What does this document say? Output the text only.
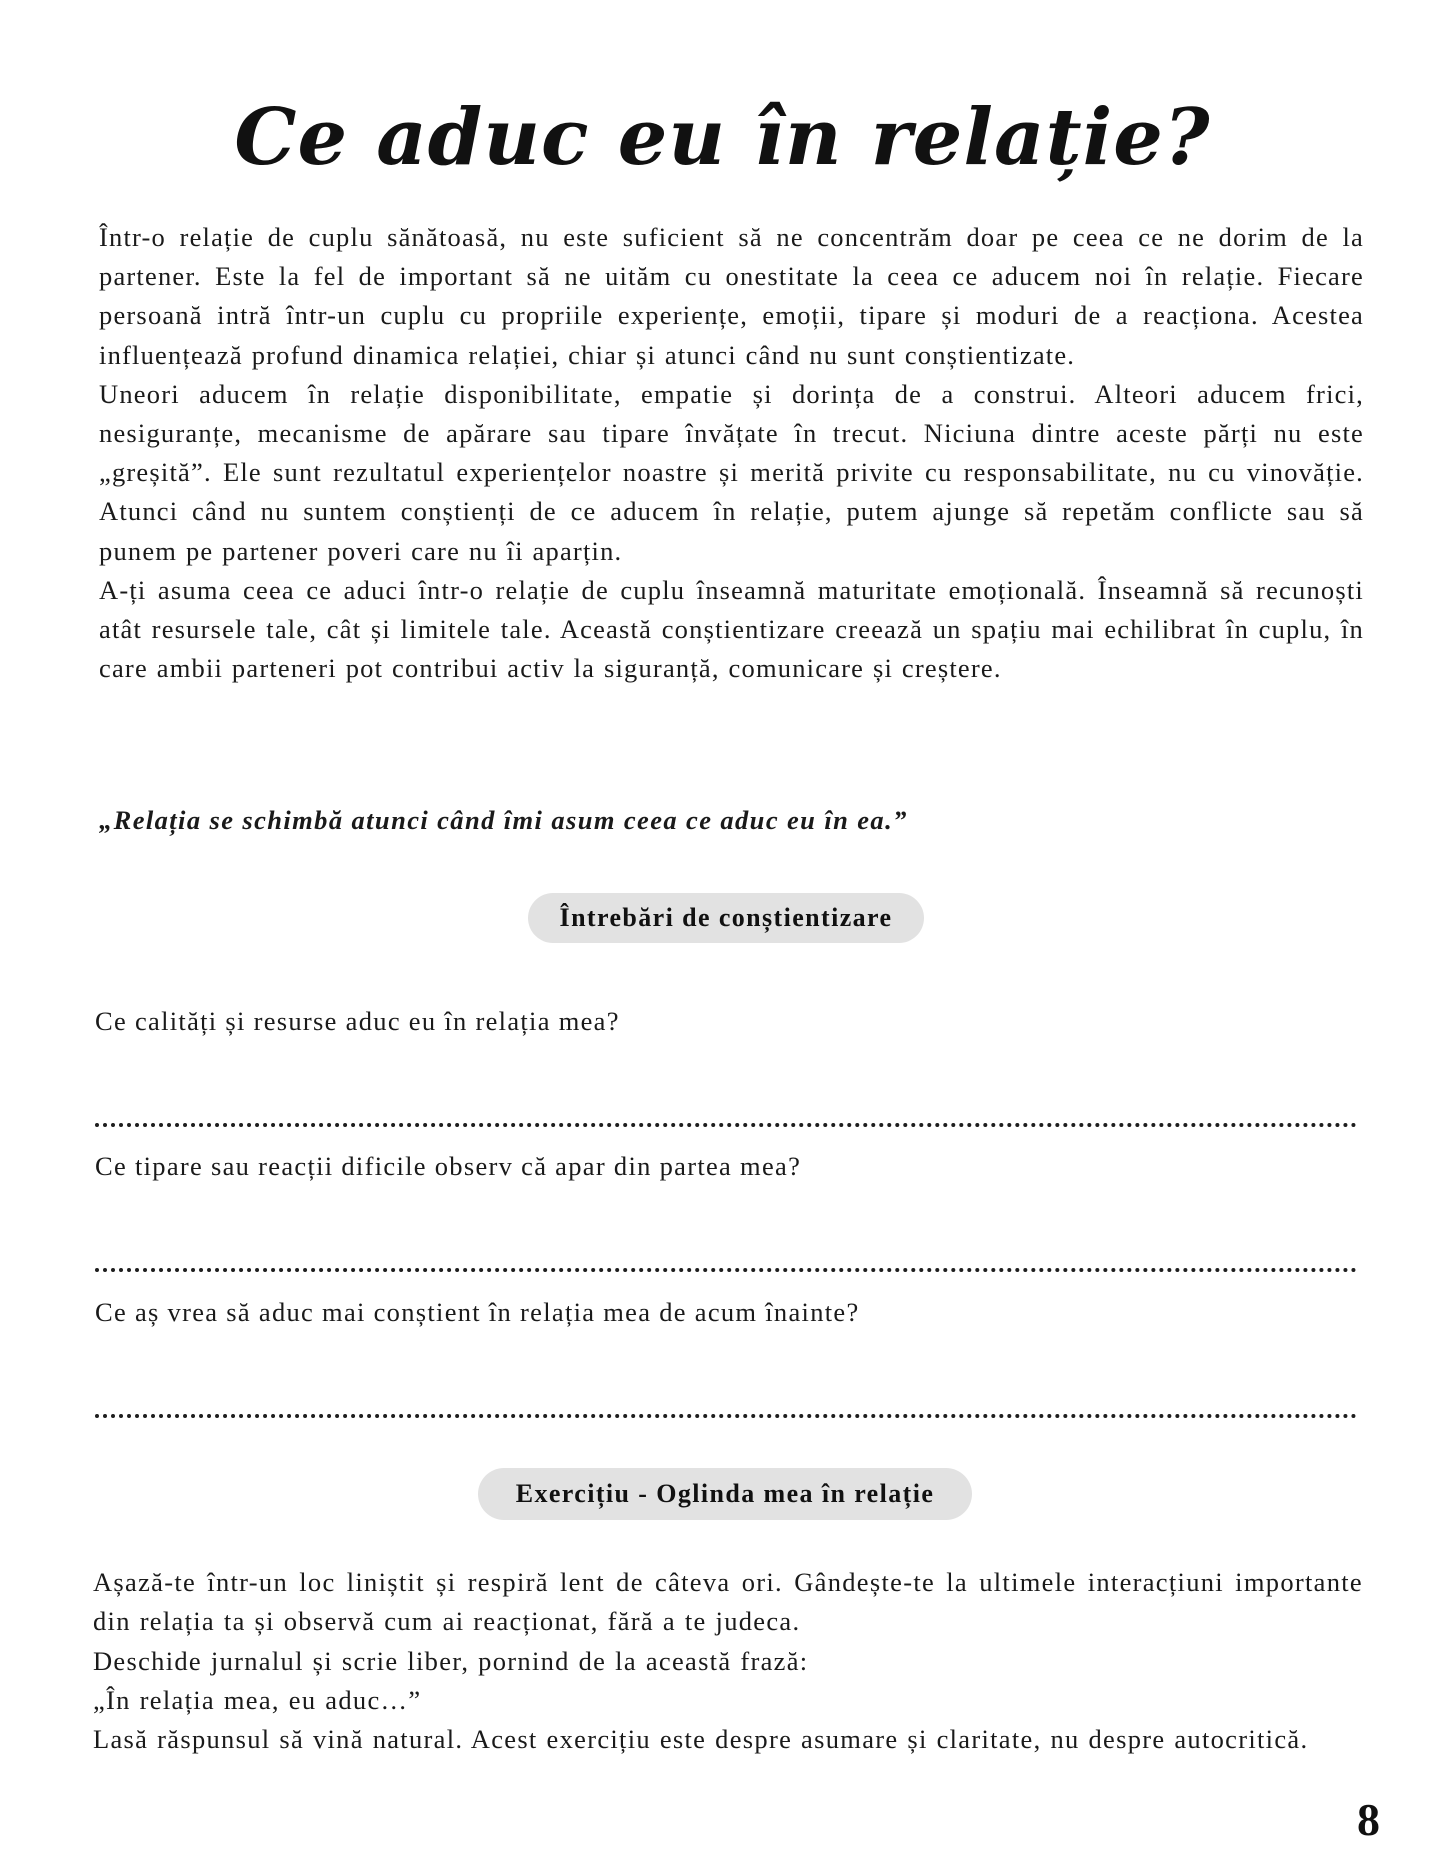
Ce aduc eu în relație?

Într-o relație de cuplu sănătoasă, nu este suficient să ne concentrăm doar pe ceea ce ne dorim de la partener. Este la fel de important să ne uităm cu onestitate la ceea ce aducem noi în relație. Fiecare persoană intră într-un cuplu cu propriile experiențe, emoții, tipare și moduri de a reacționa. Acestea influențează profund dinamica relației, chiar și atunci când nu sunt conștientizate.

Uneori aducem în relație disponibilitate, empatie și dorința de a construi. Alteori aducem frici, nesiguranțe, mecanisme de apărare sau tipare învățate în trecut. Niciuna dintre aceste părți nu este „greșită”. Ele sunt rezultatul experiențelor noastre și merită privite cu responsabilitate, nu cu vinovăție. Atunci când nu suntem conștienți de ce aducem în relație, putem ajunge să repetăm conflicte sau să punem pe partener poveri care nu îi aparțin.

A-ți asuma ceea ce aduci într-o relație de cuplu înseamnă maturitate emoțională. Înseamnă să recunoști atât resursele tale, cât și limitele tale. Această conștientizare creează un spațiu mai echilibrat în cuplu, în care ambii parteneri pot contribui activ la siguranță, comunicare și creștere.

„Relația se schimbă atunci când îmi asum ceea ce aduc eu în ea.”
Întrebări de conștientizare
Ce calități și resurse aduc eu în relația mea?
Ce tipare sau reacții dificile observ că apar din partea mea?
Ce aș vrea să aduc mai conștient în relația mea de acum înainte?
Exercițiu - Oglinda mea în relație

Așază-te într-un loc liniștit și respiră lent de câteva ori. Gândește-te la ultimele interacțiuni importante din relația ta și observă cum ai reacționat, fără a te judeca.

Deschide jurnalul și scrie liber, pornind de la această frază:

„În relația mea, eu aduc…”

Lasă răspunsul să vină natural. Acest exercițiu este despre asumare și claritate, nu despre autocritică.

8
